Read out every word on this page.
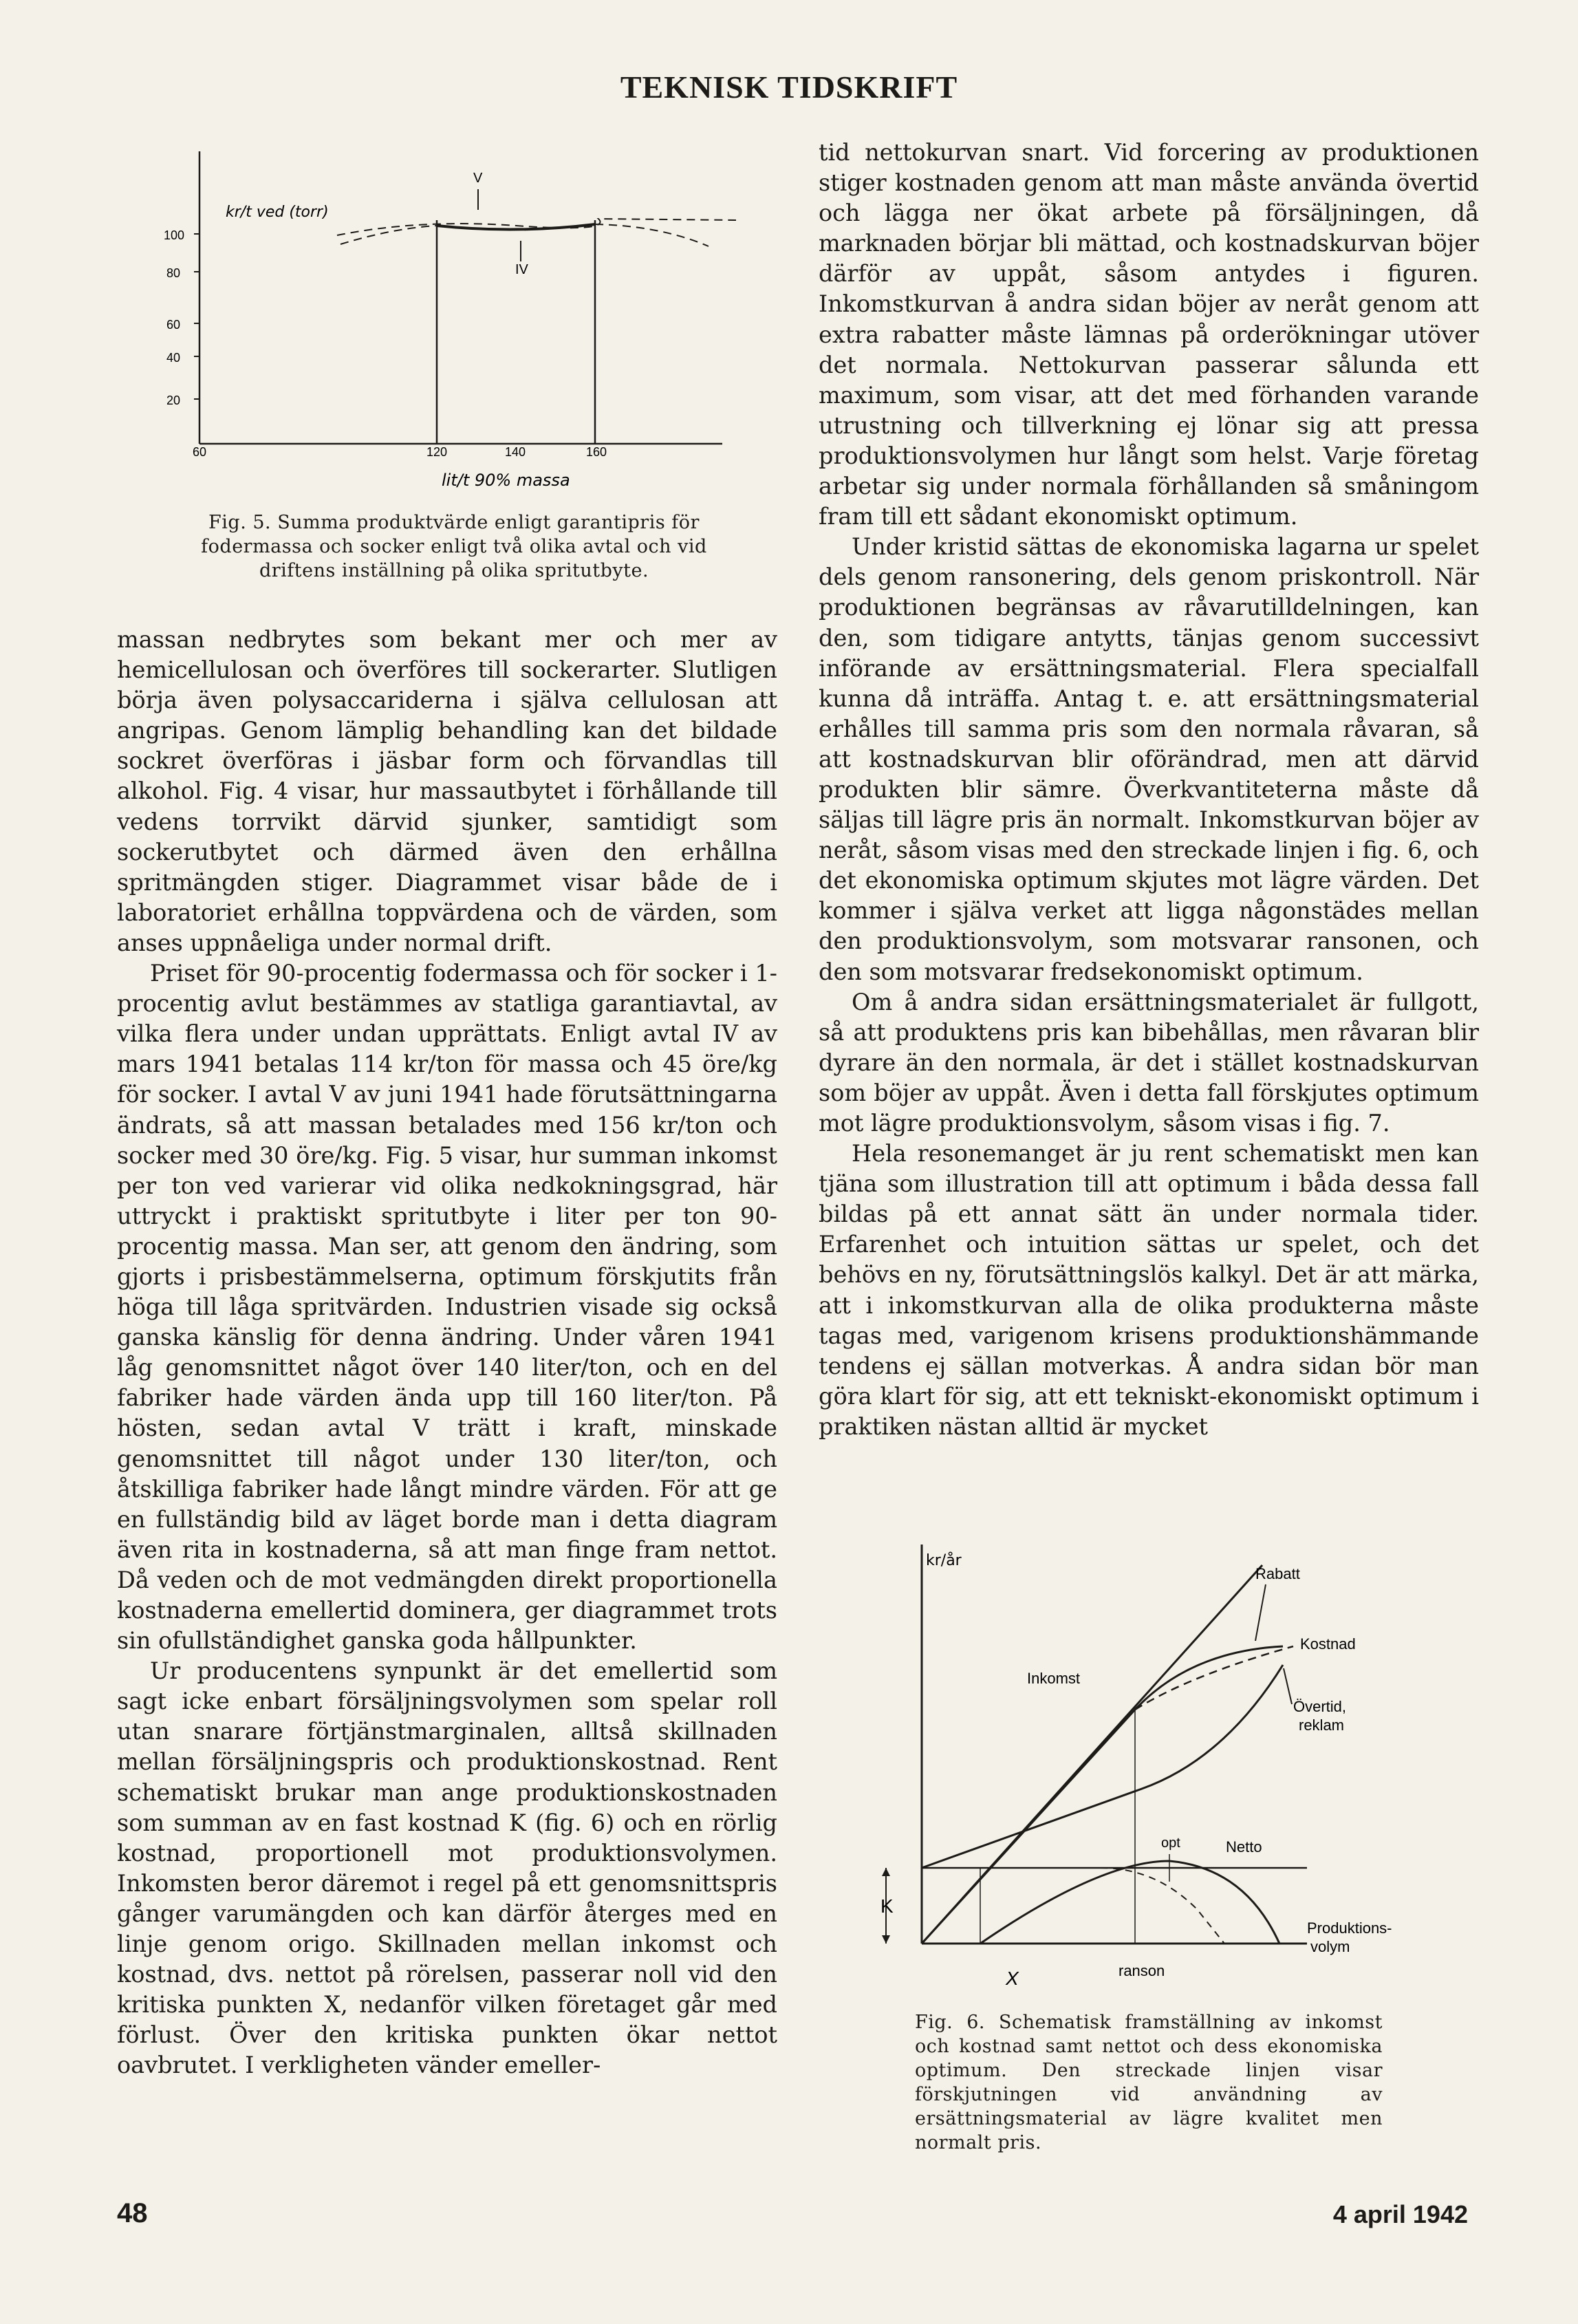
TEKNISK TIDSKRIFT
100
80
60
40
20
kr/t ved (torr)
V
IV
60	120	140	160
lit/t 90% massa
Fig. 5. Summa produktvärde enligt garantipris för fodermassa och socker enligt två olika avtal och vid driftens inställning på olika spritutbyte.

massan nedbrytes som bekant mer och mer av hemicellulosan och överföres till sockerarter. Slutligen börja även polysaccariderna i själva cellulosan att angripas. Genom lämplig behandling kan det bildade sockret överföras i jäsbar form och förvandlas till alkohol. Fig. 4 visar, hur massautbytet i förhållande till vedens torrvikt därvid sjunker, samtidigt som sockerutbytet och därmed även den erhållna spritmängden stiger. Diagrammet visar både de i laboratoriet erhållna toppvärdena och de värden, som anses uppnåeliga under normal drift.

Priset för 90-procentig fodermassa och för socker i 1-procentig avlut bestämmes av statliga garantiavtal, av vilka flera under undan upprättats. Enligt avtal IV av mars 1941 betalas 114 kr/ton för massa och 45 öre/kg för socker. I avtal V av juni 1941 hade förutsättningarna ändrats, så att massan betalades med 156 kr/ton och socker med 30 öre/kg. Fig. 5 visar, hur summan inkomst per ton ved varierar vid olika nedkokningsgrad, här uttryckt i praktiskt spritutbyte i liter per ton 90-procentig massa. Man ser, att genom den ändring, som gjorts i prisbestämmelserna, optimum förskjutits från höga till låga spritvärden. Industrien visade sig också ganska känslig för denna ändring. Under våren 1941 låg genomsnittet något över 140 liter/ton, och en del fabriker hade värden ända upp till 160 liter/ton. På hösten, sedan avtal V trätt i kraft, minskade genomsnittet till något under 130 liter/ton, och åtskilliga fabriker hade långt mindre värden. För att ge en fullständig bild av läget borde man i detta diagram även rita in kostnaderna, så att man finge fram nettot. Då veden och de mot vedmängden direkt proportionella kostnaderna emellertid dominera, ger diagrammet trots sin ofullständighet ganska goda hållpunkter.

Ur producentens synpunkt är det emellertid som sagt icke enbart försäljningsvolymen som spelar roll utan snarare förtjänstmarginalen, alltså skillnaden mellan försäljningspris och produktionskostnad. Rent schematiskt brukar man ange produktionskostnaden som summan av en fast kostnad K (fig. 6) och en rörlig kostnad, proportionell mot produktionsvolymen. Inkomsten beror däremot i regel på ett genomsnittspris gånger varumängden och kan därför återges med en linje genom origo. Skillnaden mellan inkomst och kostnad, dvs. nettot på rörelsen, passerar noll vid den kritiska punkten X, nedanför vilken företaget går med förlust. Över den kritiska punkten ökar nettot oavbrutet. I verkligheten vänder emeller-

tid nettokurvan snart. Vid forcering av produktionen stiger kostnaden genom att man måste använda övertid och lägga ner ökat arbete på försäljningen, då marknaden börjar bli mättad, och kostnadskurvan böjer därför av uppåt, såsom antydes i figuren. Inkomstkurvan å andra sidan böjer av neråt genom att extra rabatter måste lämnas på orderökningar utöver det normala. Nettokurvan passerar sålunda ett maximum, som visar, att det med förhanden varande utrustning och tillverkning ej lönar sig att pressa produktionsvolymen hur långt som helst. Varje företag arbetar sig under normala förhållanden så småningom fram till ett sådant ekonomiskt optimum.

Under kristid sättas de ekonomiska lagarna ur spelet dels genom ransonering, dels genom priskontroll. När produktionen begränsas av råvarutilldelningen, kan den, som tidigare antytts, tänjas genom successivt införande av ersättningsmaterial. Flera specialfall kunna då inträffa. Antag t. e. att ersättningsmaterial erhålles till samma pris som den normala råvaran, så att kostnadskurvan blir oförändrad, men att därvid produkten blir sämre. Överkvantiteterna måste då säljas till lägre pris än normalt. Inkomstkurvan böjer av neråt, såsom visas med den streckade linjen i fig. 6, och det ekonomiska optimum skjutes mot lägre värden. Det kommer i själva verket att ligga någonstädes mellan den produktionsvolym, som motsvarar ransonen, och den som motsvarar fredsekonomiskt optimum.

Om å andra sidan ersättningsmaterialet är fullgott, så att produktens pris kan bibehållas, men råvaran blir dyrare än den normala, är det i stället kostnadskurvan som böjer av uppåt. Även i detta fall förskjutes optimum mot lägre produktionsvolym, såsom visas i fig. 7.

Hela resonemanget är ju rent schematiskt men kan tjäna som illustration till att optimum i båda dessa fall bildas på ett annat sätt än under normala tider. Erfarenhet och intuition sättas ur spelet, och det behövs en ny, förutsättningslös kalkyl. Det är att märka, att i inkomstkurvan alla de olika produkterna måste tagas med, varigenom krisens produktionshämmande tendens ej sällan motverkas. Å andra sidan bör man göra klart för sig, att ett tekniskt-ekonomiskt optimum i praktiken nästan alltid är mycket

kr/år
K
Rabatt
Kostnad
Inkomst
Övertid,
reklam
opt	Netto
Produktions-
volym
X	ranson
Fig. 6. Schematisk framställning av inkomst och kostnad samt nettot och dess ekonomiska optimum. Den streckade linjen visar förskjutningen vid användning av ersättningsmaterial av lägre kvalitet men normalt pris.
48	4 april 1942
